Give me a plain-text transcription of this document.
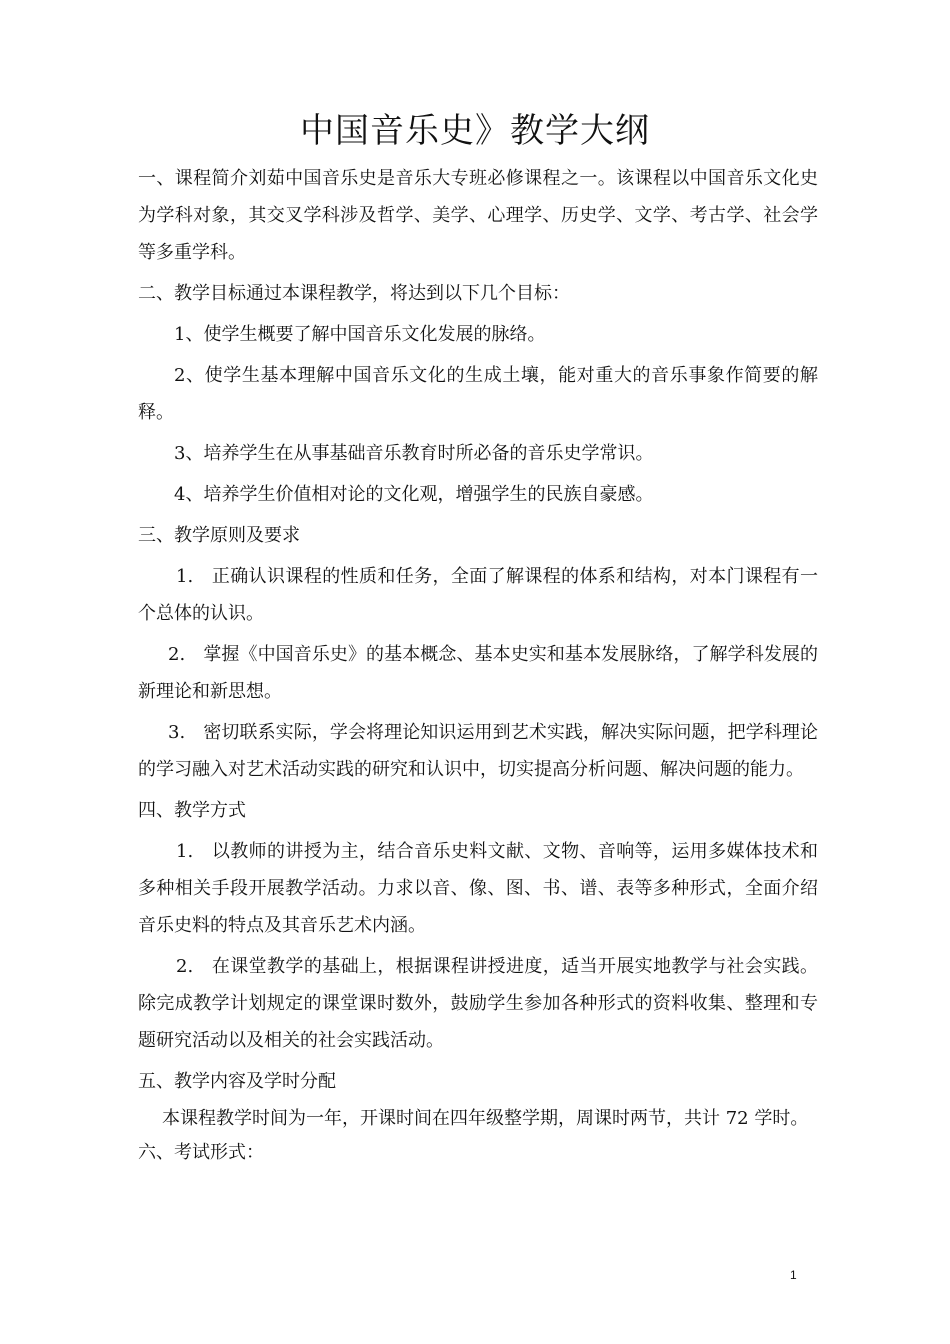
中国音乐史》教学大纲

一、课程简介刘茹中国音乐史是音乐大专班必修课程之一。该课程以中国音乐文化史为学科对象，其交叉学科涉及哲学、美学、心理学、历史学、文学、考古学、社会学等多重学科。

二、教学目标通过本课程教学，将达到以下几个目标：

1、使学生概要了解中国音乐文化发展的脉络。

2、使学生基本理解中国音乐文化的生成土壤，能对重大的音乐事象作简要的解释。

3、培养学生在从事基础音乐教育时所必备的音乐史学常识。

4、培养学生价值相对论的文化观，增强学生的民族自豪感。

三、教学原则及要求

1.　正确认识课程的性质和任务，全面了解课程的体系和结构，对本门课程有一个总体的认识。

2.　掌握《中国音乐史》的基本概念、基本史实和基本发展脉络，了解学科发展的新理论和新思想。

3.　密切联系实际，学会将理论知识运用到艺术实践，解决实际问题，把学科理论的学习融入对艺术活动实践的研究和认识中，切实提高分析问题、解决问题的能力。

四、教学方式

1.　以教师的讲授为主，结合音乐史料文献、文物、音响等，运用多媒体技术和多种相关手段开展教学活动。力求以音、像、图、书、谱、表等多种形式，全面介绍音乐史料的特点及其音乐艺术内涵。

2.　在课堂教学的基础上，根据课程讲授进度，适当开展实地教学与社会实践。除完成教学计划规定的课堂课时数外，鼓励学生参加各种形式的资料收集、整理和专题研究活动以及相关的社会实践活动。

五、教学内容及学时分配

本课程教学时间为一年，开课时间在四年级整学期，周课时两节，共计 72 学时。

六、考试形式：

1
